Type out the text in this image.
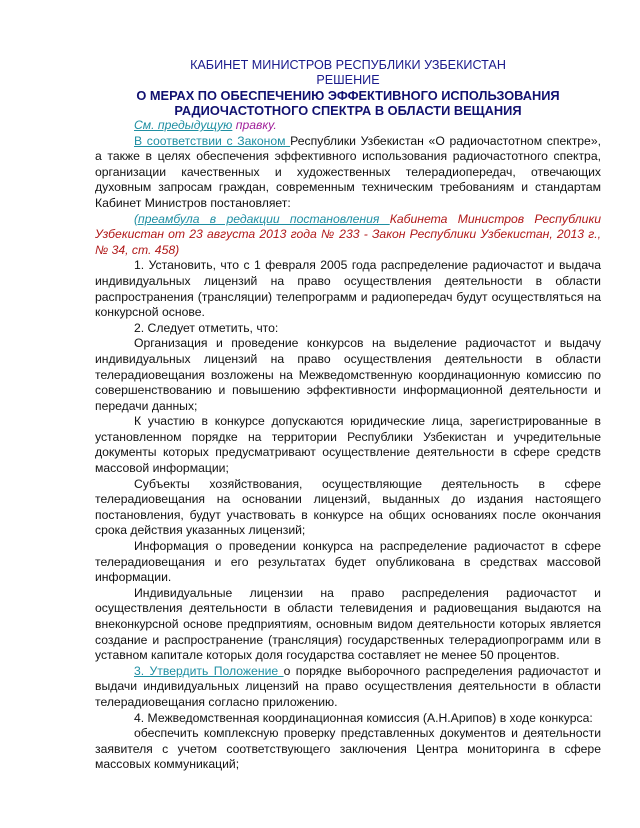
КАБИНЕТ МИНИСТРОВ РЕСПУБЛИКИ УЗБЕКИСТАН

РЕШЕНИЕ

О МЕРАХ ПО ОБЕСПЕЧЕНИЮ ЭФФЕКТИВНОГО ИСПОЛЬЗОВАНИЯ

РАДИОЧАСТОТНОГО СПЕКТРА В ОБЛАСТИ ВЕЩАНИЯ

См. предыдущую правку.

В соответствии с Законом Республики Узбекистан «О радиочастотном спектре», а также в целях обеспечения эффективного использования радиочастотного спектра, организации качественных и художественных телерадиопередач, отвечающих духовным запросам граждан, современным техническим требованиям и стандартам Кабинет Министров постановляет:

(преамбула в редакции постановления Кабинета Министров Республики Узбекистан от 23 августа 2013 года № 233 - Закон Республики Узбекистан, 2013 г., № 34, ст. 458)

1. Установить, что с 1 февраля 2005 года распределение радиочастот и выдача индивидуальных лицензий на право осуществления деятельности в области распространения (трансляции) телепрограмм и радиопередач будут осуществляться на конкурсной основе.

2. Следует отметить, что:

Организация и проведение конкурсов на выделение радиочастот и выдачу индивидуальных лицензий на право осуществления деятельности в области телерадиовещания возложены на Межведомственную координационную комиссию по совершенствованию и повышению эффективности информационной деятельности и передачи данных;

К участию в конкурсе допускаются юридические лица, зарегистрированные в установленном порядке на территории Республики Узбекистан и учредительные документы которых предусматривают осуществление деятельности в сфере средств массовой информации;

Субъекты хозяйствования, осуществляющие деятельность в сфере телерадиовещания на основании лицензий, выданных до издания настоящего постановления, будут участвовать в конкурсе на общих основаниях после окончания срока действия указанных лицензий;

Информация о проведении конкурса на распределение радиочастот в сфере телерадиовещания и его результатах будет опубликована в средствах массовой информации.

Индивидуальные лицензии на право распределения радиочастот и осуществления деятельности в области телевидения и радиовещания выдаются на внеконкурсной основе предприятиям, основным видом деятельности которых является создание и распространение (трансляция) государственных телерадиопрограмм или в уставном капитале которых доля государства составляет не менее 50 процентов.

3. Утвердить Положение о порядке выборочного распределения радиочастот и выдачи индивидуальных лицензий на право осуществления деятельности в области телерадиовещания согласно приложению.

4. Межведомственная координационная комиссия (А.Н.Арипов) в ходе конкурса:

обеспечить комплексную проверку представленных документов и деятельности заявителя с учетом соответствующего заключения Центра мониторинга в сфере массовых коммуникаций;
